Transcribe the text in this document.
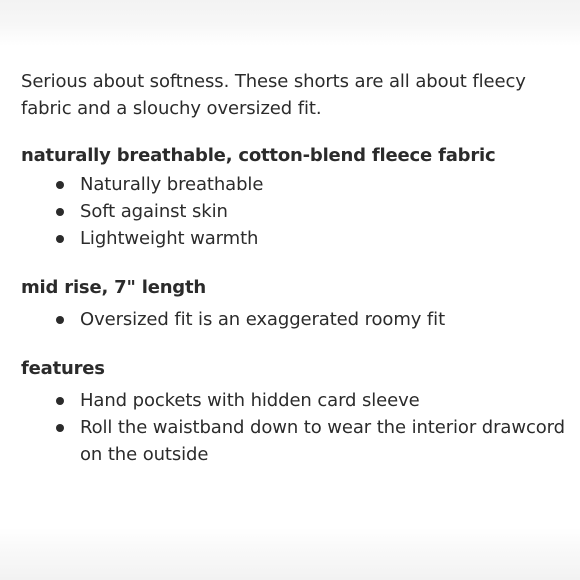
Serious about softness. These shorts are all about fleecy fabric and a slouchy oversized fit.

naturally breathable, cotton-blend fleece fabric
Naturally breathable
Soft against skin
Lightweight warmth
mid rise, 7" length
Oversized fit is an exaggerated roomy fit
features
Hand pockets with hidden card sleeve
Roll the waistband down to wear the interior drawcord on the outside
